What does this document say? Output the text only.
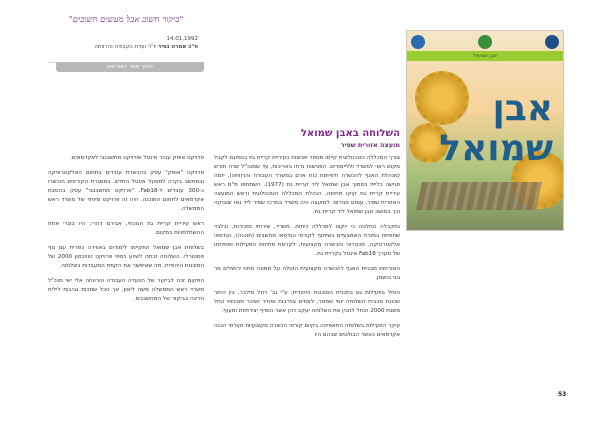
"ביקור חשוב אבל מעשים חשובים"
14.01.1992
ח"כ אמרה נמיר יו"ר ועדת העבודה והרווחה
מתוך ספר האורחים
אבן שמואל
אבן
שמואל
השלוחה באבן שמואל
מועצה אזורית שפיר

צורך המכללה הטכנולוגית קיימו מספר פגישות בעיריית קריית גת בנסיונם לקבל מקום ראוי למשרד ולליימודים. הפגישות נדחו באריכות, עד שמנכ"ל שרה חורש (מנהלת האגף להכשרה ולפיתוח כוח אדם במשרד העבודה והרווחה), יזמה פגישה כליית בסמוך אבן שמואל ליד קריית גת (1977). השתתפו מ"מ ראש עיריית קריית גת קוקו מחיסה, הנהלת המכללה הטכנולוגית וראש המועצה האזורית שפיר, עמוס סגירוס. למועצה היה משרד במרכז שפיר ליד גאז שוביקה וכך במושב אבן שמואל ליד קריית גת.

נתקבלה החלטה כי יוקצו למכללה כיתות, משרד, שירותי מזכירות, ובלבד שתפתח במזרח האמצעיים בשיתוף לקורסי הנדסאי מחשבים (תוכנה), הנדסאי אלקטרוניקה, מכטרוני והכשרה מקצועית, לקראת פתיחת הפעילות ופתיחתו של מערך Fab18 אינטל בקריית גת.

האורחות מבניית האגף להכשרה מקצועית הוטלה על ממונה מחוז ירושלים מר גיגי בושמן.

הוחל בפעילות גם בתכנית הסוכנות היהודית, ע"י גב' רחל מילבר, בין היתר שכונת מכבית השלוחה יוסי שמאר, לאחים צוירבות ומחיר ושיבר תוכניות החל משנת 2000 הוחל להכין את השלוחה יעקב דהן אשר הוסיף יצירתיות ומעוף.

עיקר הפעילות בשלוחה התאפיינה בקיום קורסי הכשרה מקצועיות וקורסי הכנה אקדמאים כאשר הבולטים שבהם היו

פרויקט אופק עבור אינטל ופרויקט מחשבנבי לאקדמאים.

פרויקט "אופק" עסק בהכשרת עובדים בתחום האלקטרוניקה ובמחשב בקרה למפעל אינטל החדש. במסגרת הקורסים הוכשרו כ-300 עובדים ל-Fab18. "פרויקט מחשבנבי" עסק בהסבת אקדמאים לתחום התוכנה. היה זה פרויקט מיוחד של משרד ראש הממשלה.

ראש עיריית קריית גת הנוכחי, אבירם דהרי, היו בוגרי אחת ההשתלמויות במקום.

בשלוחת אבן שמואל התקיימו לימודים באווירה כפרית עם נוף פסטורלי. השלוחה זכתה לשיוע כספי פרויקט טוויבסון 2000 של הסוכנות היהודית, מה שאיפשר את הקמת המעבדות בשלוחה.

הפקום זכה לביקור של הוועדה העבודה והרווחה אלי ישי מנכ"ל משרד ראש הממשלה משה ליאון, אך טכל שמכות גביבות לילית חריגה בביקור של המחשבנים.

53
